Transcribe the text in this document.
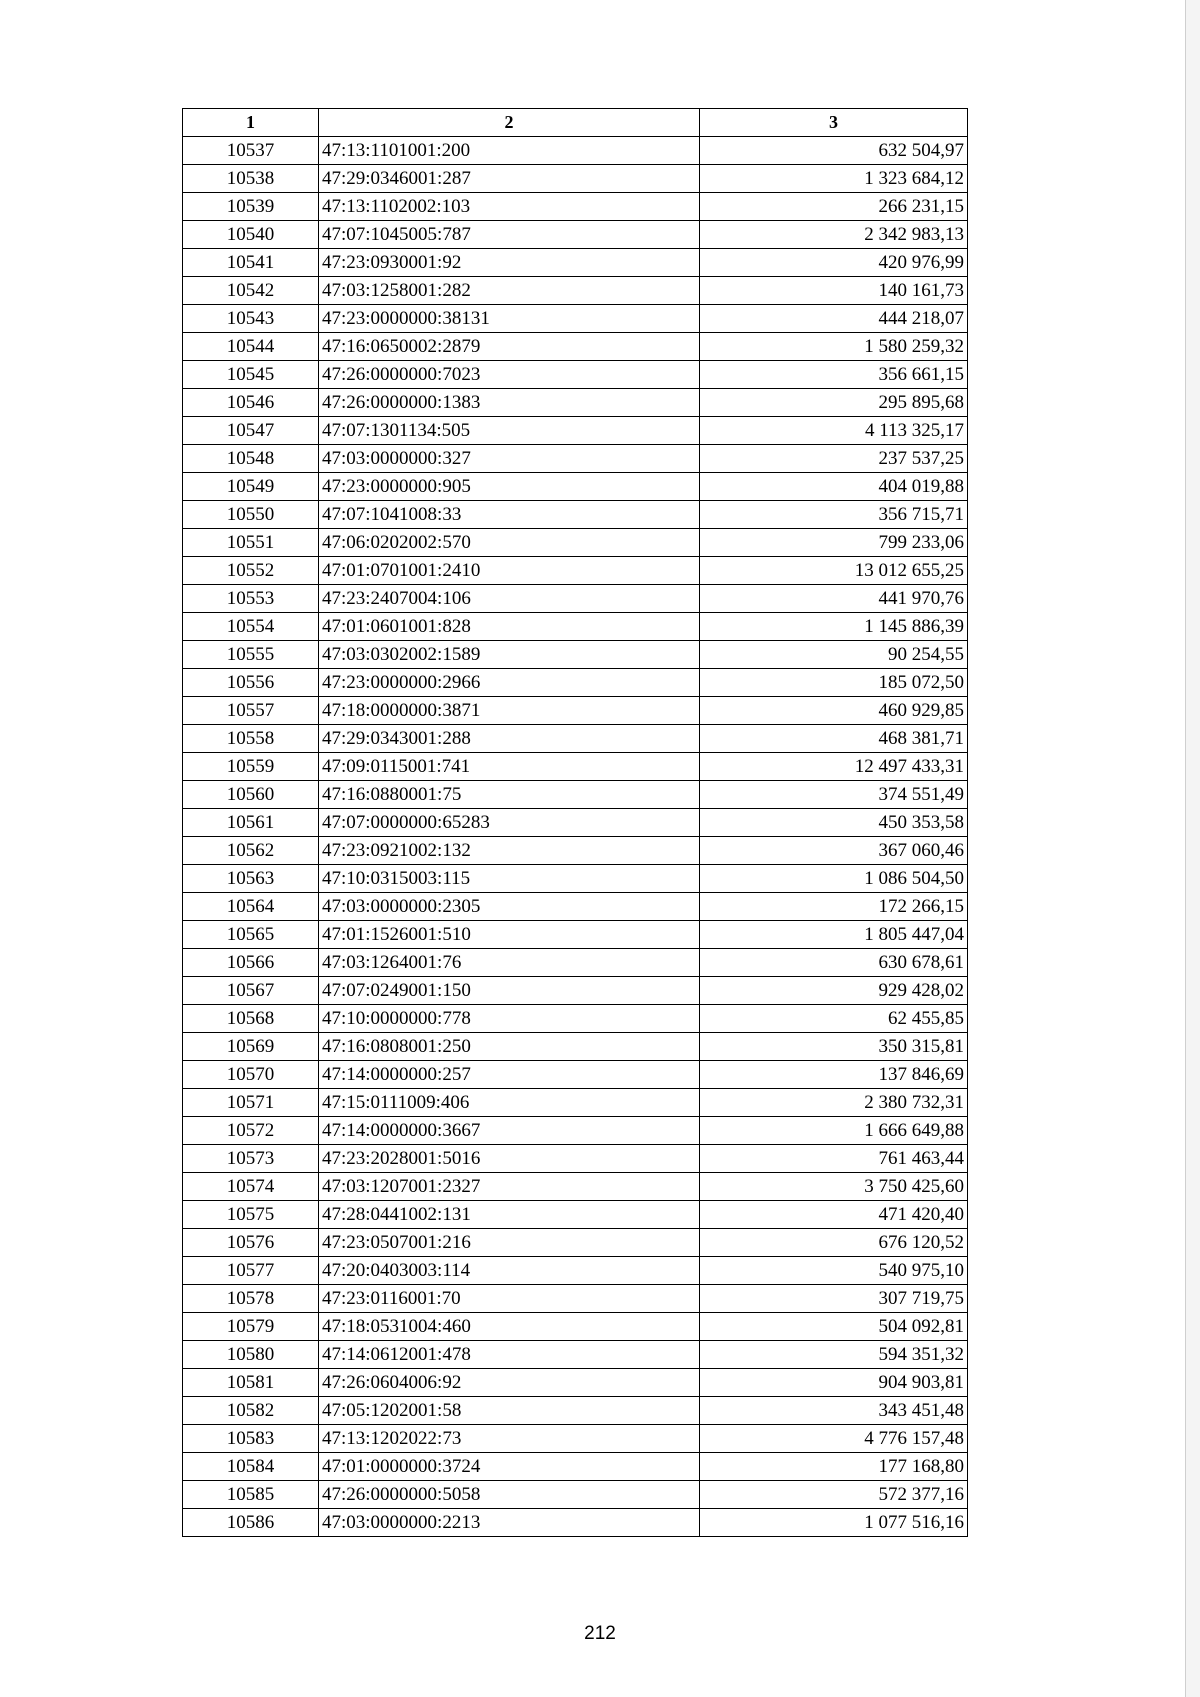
1	2	3
10537	47:13:1101001:200	632 504,97
10538	47:29:0346001:287	1 323 684,12
10539	47:13:1102002:103	266 231,15
10540	47:07:1045005:787	2 342 983,13
10541	47:23:0930001:92	420 976,99
10542	47:03:1258001:282	140 161,73
10543	47:23:0000000:38131	444 218,07
10544	47:16:0650002:2879	1 580 259,32
10545	47:26:0000000:7023	356 661,15
10546	47:26:0000000:1383	295 895,68
10547	47:07:1301134:505	4 113 325,17
10548	47:03:0000000:327	237 537,25
10549	47:23:0000000:905	404 019,88
10550	47:07:1041008:33	356 715,71
10551	47:06:0202002:570	799 233,06
10552	47:01:0701001:2410	13 012 655,25
10553	47:23:2407004:106	441 970,76
10554	47:01:0601001:828	1 145 886,39
10555	47:03:0302002:1589	90 254,55
10556	47:23:0000000:2966	185 072,50
10557	47:18:0000000:3871	460 929,85
10558	47:29:0343001:288	468 381,71
10559	47:09:0115001:741	12 497 433,31
10560	47:16:0880001:75	374 551,49
10561	47:07:0000000:65283	450 353,58
10562	47:23:0921002:132	367 060,46
10563	47:10:0315003:115	1 086 504,50
10564	47:03:0000000:2305	172 266,15
10565	47:01:1526001:510	1 805 447,04
10566	47:03:1264001:76	630 678,61
10567	47:07:0249001:150	929 428,02
10568	47:10:0000000:778	62 455,85
10569	47:16:0808001:250	350 315,81
10570	47:14:0000000:257	137 846,69
10571	47:15:0111009:406	2 380 732,31
10572	47:14:0000000:3667	1 666 649,88
10573	47:23:2028001:5016	761 463,44
10574	47:03:1207001:2327	3 750 425,60
10575	47:28:0441002:131	471 420,40
10576	47:23:0507001:216	676 120,52
10577	47:20:0403003:114	540 975,10
10578	47:23:0116001:70	307 719,75
10579	47:18:0531004:460	504 092,81
10580	47:14:0612001:478	594 351,32
10581	47:26:0604006:92	904 903,81
10582	47:05:1202001:58	343 451,48
10583	47:13:1202022:73	4 776 157,48
10584	47:01:0000000:3724	177 168,80
10585	47:26:0000000:5058	572 377,16
10586	47:03:0000000:2213	1 077 516,16
212
